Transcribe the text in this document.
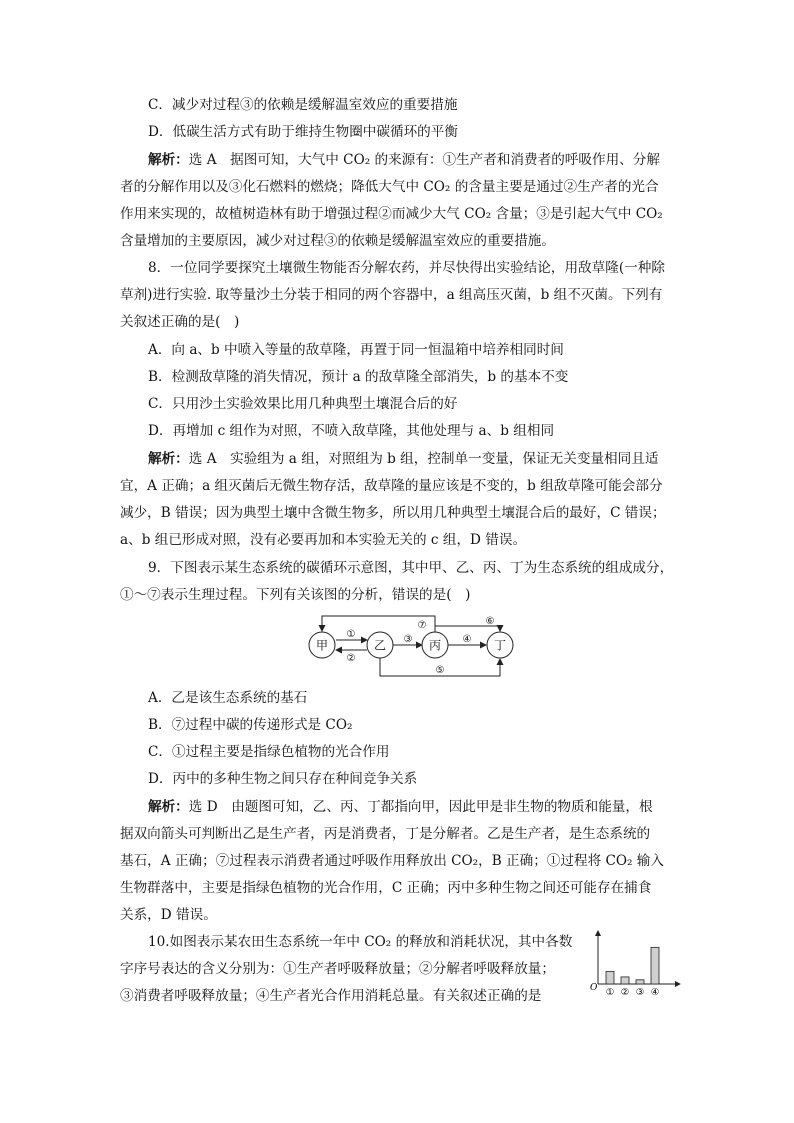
C．减少对过程③的依赖是缓解温室效应的重要措施
D．低碳生活方式有助于维持生物圈中碳循环的平衡
解析：选 A　据图可知，大气中 CO₂ 的来源有：①生产者和消费者的呼吸作用、分解
者的分解作用以及③化石燃料的燃烧；降低大气中 CO₂ 的含量主要是通过②生产者的光合
作用来实现的，故植树造林有助于增强过程②而减少大气 CO₂ 含量；③是引起大气中 CO₂
含量增加的主要原因，减少对过程③的依赖是缓解温室效应的重要措施。
8．一位同学要探究土壤微生物能否分解农药，并尽快得出实验结论，用敌草隆(一种除
草剂)进行实验. 取等量沙土分装于相同的两个容器中，a 组高压灭菌，b 组不灭菌。下列有
关叙述正确的是(　)
A．向 a、b 中喷入等量的敌草隆，再置于同一恒温箱中培养相同时间
B．检测敌草隆的消失情况，预计 a 的敌草隆全部消失，b 的基本不变
C．只用沙土实验效果比用几种典型土壤混合后的好
D．再增加 c 组作为对照，不喷入敌草隆，其他处理与 a、b 组相同
解析：选 A　实验组为 a 组，对照组为 b 组，控制单一变量，保证无关变量相同且适
宜，A 正确；a 组灭菌后无微生物存活，敌草隆的量应该是不变的，b 组敌草隆可能会部分
减少，B 错误；因为典型土壤中含微生物多，所以用几种典型土壤混合后的最好，C 错误；
a、b 组已形成对照，没有必要再加和本实验无关的 c 组，D 错误。
9．下图表示某生态系统的碳循环示意图，其中甲、乙、丙、丁为生态系统的组成成分，
①～⑦表示生理过程。下列有关该图的分析，错误的是(　)
甲	乙	丙	丁
①
②
③	④
⑤
⑥
⑦
A．乙是该生态系统的基石
B．⑦过程中碳的传递形式是 CO₂
C．①过程主要是指绿色植物的光合作用
D．丙中的多种生物之间只存在种间竞争关系
解析：选 D　由题图可知，乙、丙、丁都指向甲，因此甲是非生物的物质和能量，根
据双向箭头可判断出乙是生产者，丙是消费者，丁是分解者。乙是生产者，是生态系统的
基石，A 正确；⑦过程表示消费者通过呼吸作用释放出 CO₂，B 正确；①过程将 CO₂ 输入
生物群落中，主要是指绿色植物的光合作用，C 正确；丙中多种生物之间还可能存在捕食
关系，D 错误。
10.如图表示某农田生态系统一年中 CO₂ 的释放和消耗状况，其中各数
字序号表达的含义分别为：①生产者呼吸释放量；②分解者呼吸释放量；
③消费者呼吸释放量；④生产者光合作用消耗总量。有关叙述正确的是	O ① ② ③ ④
